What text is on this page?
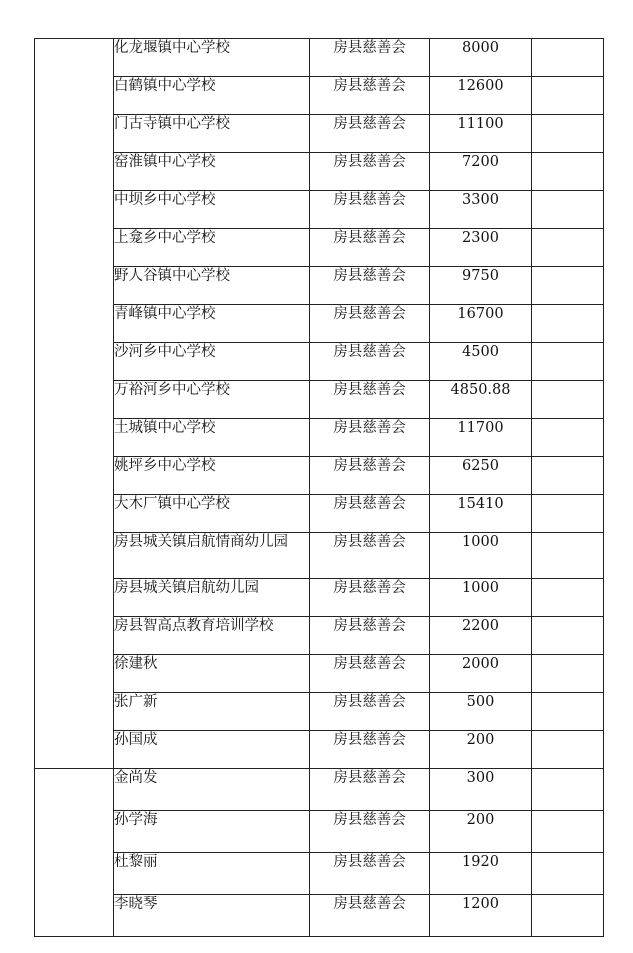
	化龙堰镇中心学校	房县慈善会	8000	
	白鹤镇中心学校	房县慈善会	12600	
	门古寺镇中心学校	房县慈善会	11100	
	窑淮镇中心学校	房县慈善会	7200	
	中坝乡中心学校	房县慈善会	3300	
	上龛乡中心学校	房县慈善会	2300	
	野人谷镇中心学校	房县慈善会	9750	
	青峰镇中心学校	房县慈善会	16700	
	沙河乡中心学校	房县慈善会	4500	
	万裕河乡中心学校	房县慈善会	4850.88	
	土城镇中心学校	房县慈善会	11700	
	姚坪乡中心学校	房县慈善会	6250	
	大木厂镇中心学校	房县慈善会	15410	
	房县城关镇启航情商幼儿园	房县慈善会	1000	
	房县城关镇启航幼儿园	房县慈善会	1000	
	房县智高点教育培训学校	房县慈善会	2200	
	徐建秋	房县慈善会	2000	
	张广新	房县慈善会	500	
	孙国成	房县慈善会	200	
	金尚发	房县慈善会	300	
	孙学海	房县慈善会	200	
	杜黎丽	房县慈善会	1920	
	李晓琴	房县慈善会	1200	
